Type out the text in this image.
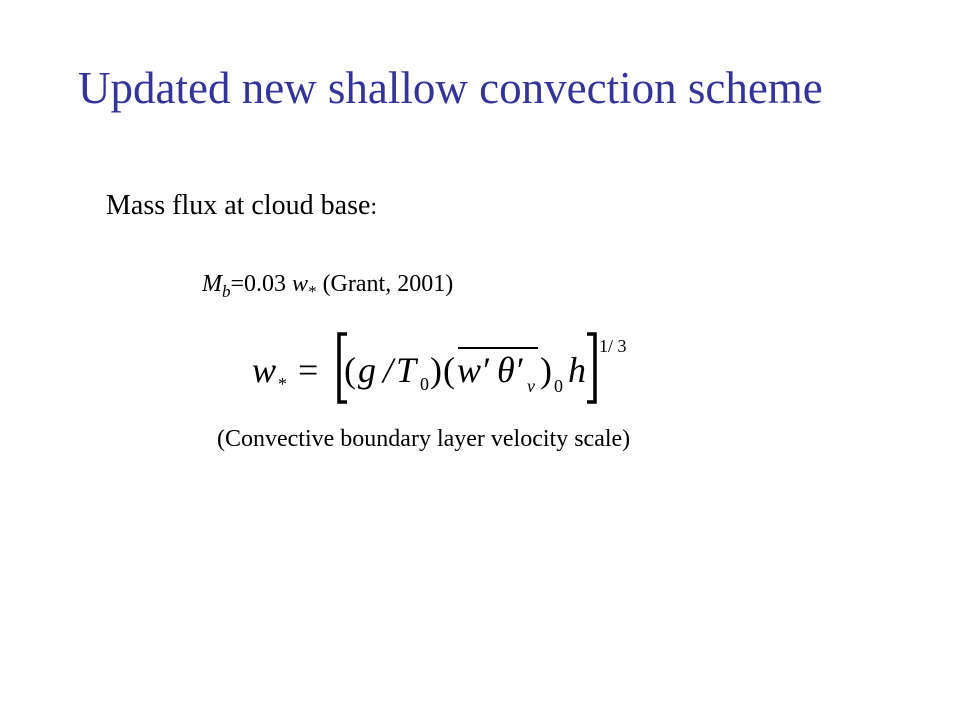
Updated new shallow convection scheme
Mass flux at cloud base:
$M_b=0.03$ $w_*$ (Grant, 2001)
w * = ( g / T 0 ) ( w′ θ′ v ) 0 h
1/ 3
(Convective boundary layer velocity scale)
